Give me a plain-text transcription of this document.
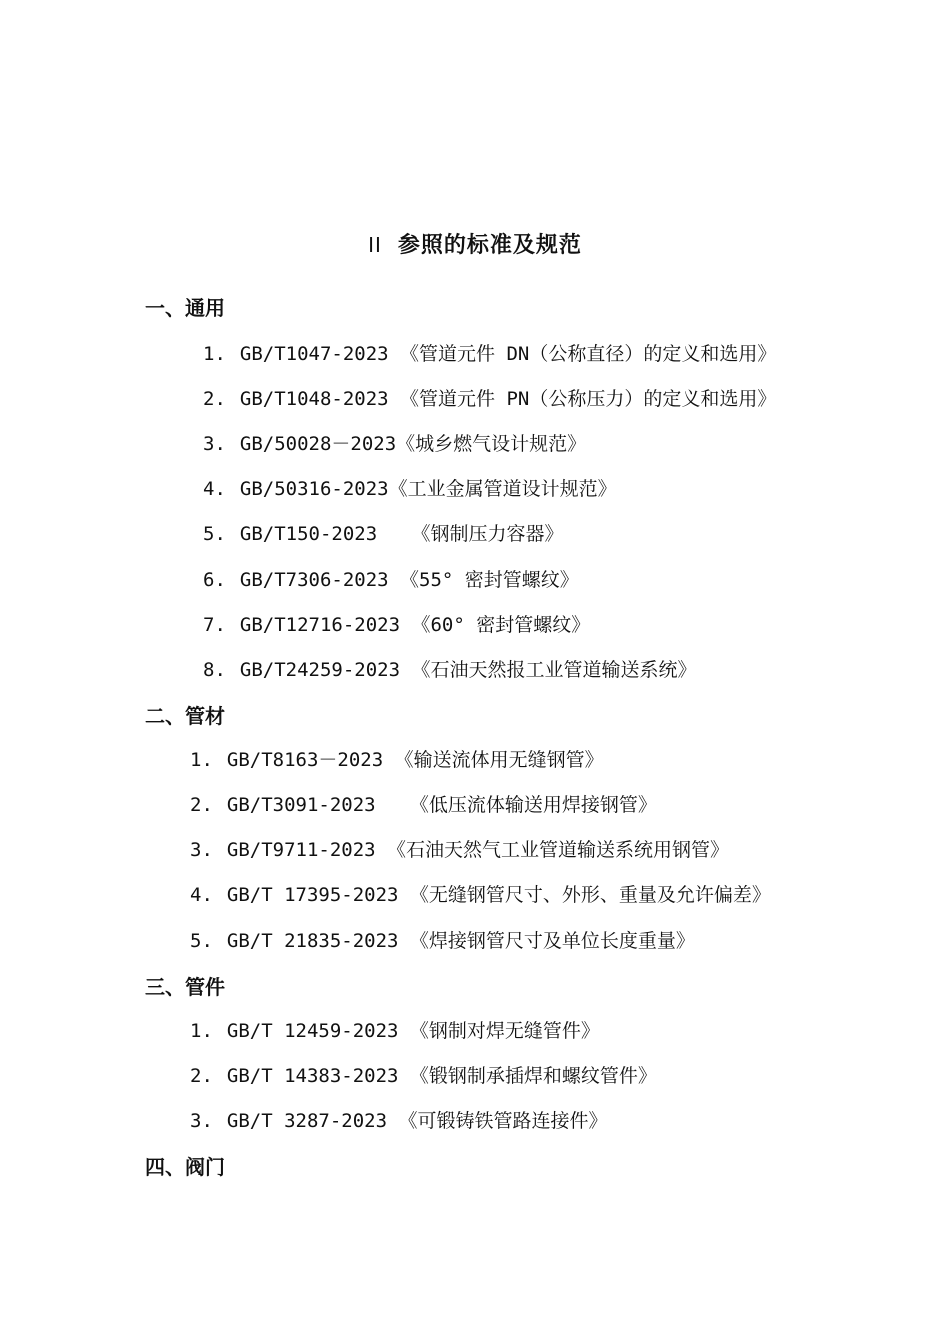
II 参照的标准及规范
一、通用
1. GB/T1047-2023 《管道元件 DN（公称直径）的定义和选用》
2. GB/T1048-2023 《管道元件 PN（公称压力）的定义和选用》
3. GB/50028－2023《城乡燃气设计规范》
4. GB/50316-2023《工业金属管道设计规范》
5. GB/T150-2023   《钢制压力容器》
6. GB/T7306-2023 《55° 密封管螺纹》
7. GB/T12716-2023 《60° 密封管螺纹》
8. GB/T24259-2023 《石油天然报工业管道输送系统》
二、管材
1. GB/T8163－2023 《输送流体用无缝钢管》
2. GB/T3091-2023   《低压流体输送用焊接钢管》
3. GB/T9711-2023 《石油天然气工业管道输送系统用钢管》
4. GB/T 17395-2023 《无缝钢管尺寸、外形、重量及允许偏差》
5. GB/T 21835-2023 《焊接钢管尺寸及单位长度重量》
三、管件
1. GB/T 12459-2023 《钢制对焊无缝管件》
2. GB/T 14383-2023 《锻钢制承插焊和螺纹管件》
3. GB/T 3287-2023 《可锻铸铁管路连接件》
四、阀门
